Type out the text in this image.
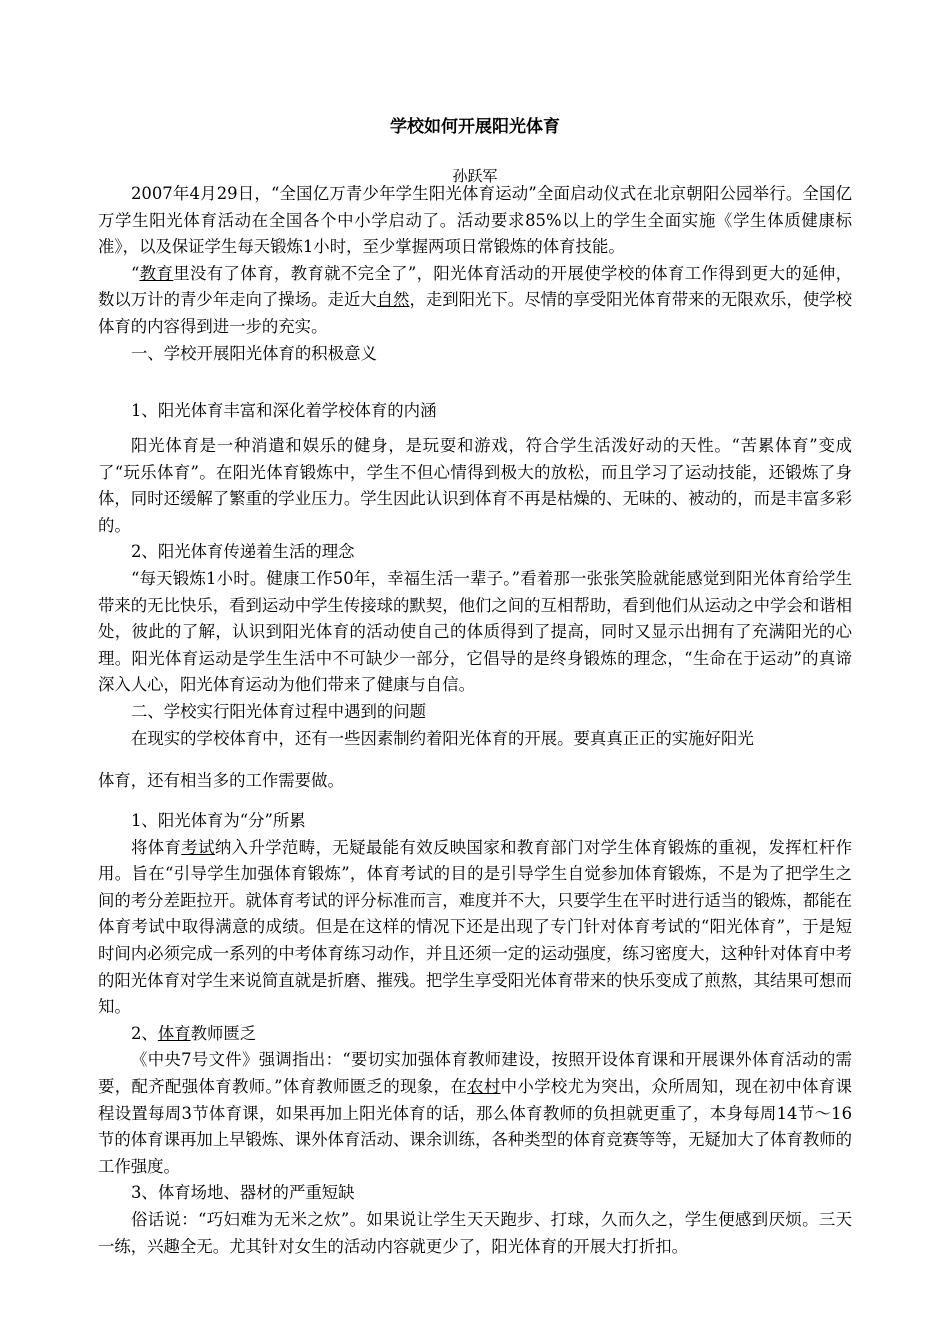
学校如何开展阳光体育
孙跃军
2007年4月29日，“全国亿万青少年学生阳光体育运动”全面启动仪式在北京朝阳公园举行。全国亿万学生阳光体育活动在全国各个中小学启动了。活动要求85%以上的学生全面实施《学生体质健康标准》，以及保证学生每天锻炼1小时，至少掌握两项日常锻炼的体育技能。
“教育里没有了体育，教育就不完全了”，阳光体育活动的开展使学校的体育工作得到更大的延伸，数以万计的青少年走向了操场。走近大自然，走到阳光下。尽情的享受阳光体育带来的无限欢乐，使学校体育的内容得到进一步的充实。
一、学校开展阳光体育的积极意义
1、阳光体育丰富和深化着学校体育的内涵
阳光体育是一种消遣和娱乐的健身，是玩耍和游戏，符合学生活泼好动的天性。“苦累体育”变成了“玩乐体育”。在阳光体育锻炼中，学生不但心情得到极大的放松，而且学习了运动技能，还锻炼了身体，同时还缓解了繁重的学业压力。学生因此认识到体育不再是枯燥的、无味的、被动的，而是丰富多彩的。
2、阳光体育传递着生活的理念
“每天锻炼1小时。健康工作50年，幸福生活一辈子。”看着那一张张笑脸就能感觉到阳光体育给学生带来的无比快乐，看到运动中学生传接球的默契，他们之间的互相帮助，看到他们从运动之中学会和谐相处，彼此的了解，认识到阳光体育的活动使自己的体质得到了提高，同时又显示出拥有了充满阳光的心理。阳光体育运动是学生生活中不可缺少一部分，它倡导的是终身锻炼的理念，“生命在于运动”的真谛深入人心，阳光体育运动为他们带来了健康与自信。
二、学校实行阳光体育过程中遇到的问题
在现实的学校体育中，还有一些因素制约着阳光体育的开展。要真真正正的实施好阳光
体育，还有相当多的工作需要做。
1、阳光体育为“分”所累
将体育考试纳入升学范畴，无疑最能有效反映国家和教育部门对学生体育锻炼的重视，发挥杠杆作用。旨在“引导学生加强体育锻炼”，体育考试的目的是引导学生自觉参加体育锻炼，不是为了把学生之间的考分差距拉开。就体育考试的评分标准而言，难度并不大，只要学生在平时进行适当的锻炼，都能在体育考试中取得满意的成绩。但是在这样的情况下还是出现了专门针对体育考试的“阳光体育”，于是短时间内必须完成一系列的中考体育练习动作，并且还须一定的运动强度，练习密度大，这种针对体育中考的阳光体育对学生来说简直就是折磨、摧残。把学生享受阳光体育带来的快乐变成了煎熬，其结果可想而知。
2、体育教师匮乏
《中央7号文件》强调指出：“要切实加强体育教师建设，按照开设体育课和开展课外体育活动的需要，配齐配强体育教师。”体育教师匮乏的现象，在农村中小学校尤为突出，众所周知，现在初中体育课程设置每周3节体育课，如果再加上阳光体育的话，那么体育教师的负担就更重了，本身每周14节～16节的体育课再加上早锻炼、课外体育活动、课余训练，各种类型的体育竞赛等等，无疑加大了体育教师的工作强度。
3、体育场地、器材的严重短缺
俗话说：“巧妇难为无米之炊”。如果说让学生天天跑步、打球，久而久之，学生便感到厌烦。三天一练，兴趣全无。尤其针对女生的活动内容就更少了，阳光体育的开展大打折扣。
